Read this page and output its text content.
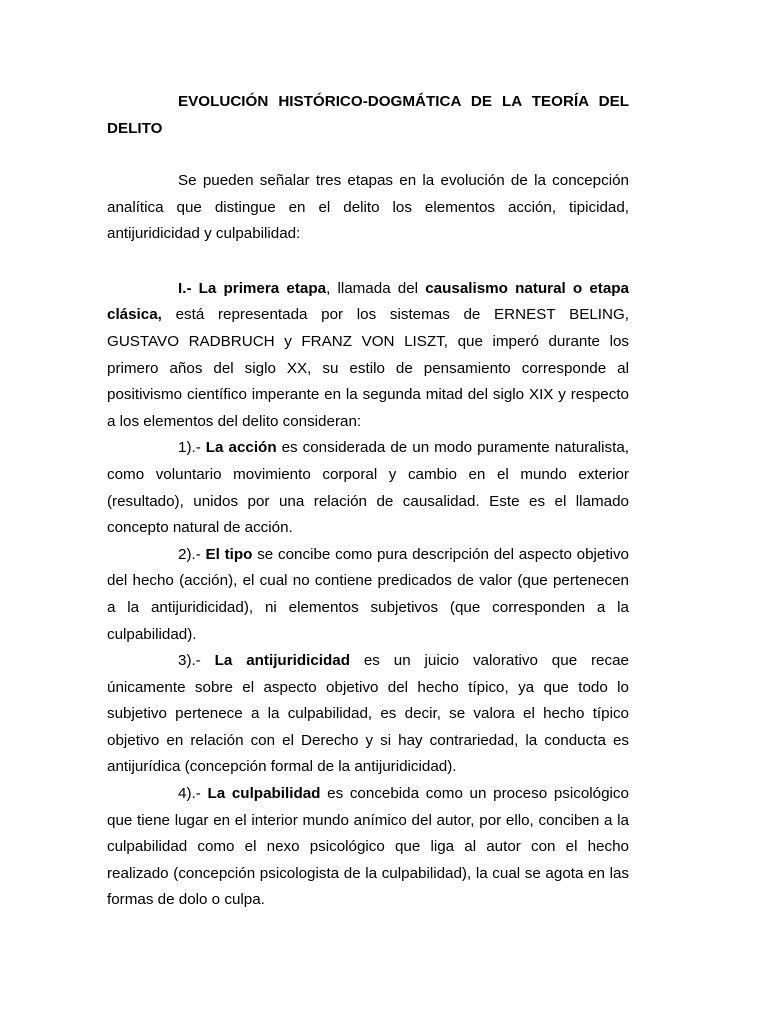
EVOLUCIÓN HISTÓRICO-DOGMÁTICA DE LA TEORÍA DEL DELITO

Se pueden señalar tres etapas en la evolución de la concepción analítica que distingue en el delito los elementos acción, tipicidad, antijuridicidad y culpabilidad:

I.- La primera etapa, llamada del causalismo natural o etapa clásica, está representada por los sistemas de ERNEST BELING, GUSTAVO RADBRUCH y FRANZ VON LISZT, que imperó durante los primero años del siglo XX, su estilo de pensamiento corresponde al positivismo científico imperante en la segunda mitad del siglo XIX y respecto a los elementos del delito consideran:

1).- La acción es considerada de un modo puramente naturalista, como voluntario movimiento corporal y cambio en el mundo exterior (resultado), unidos por una relación de causalidad. Este es el llamado concepto natural de acción.

2).- El tipo se concibe como pura descripción del aspecto objetivo del hecho (acción), el cual no contiene predicados de valor (que pertenecen a la antijuridicidad), ni elementos subjetivos (que corresponden a la culpabilidad).

3).- La antijuridicidad es un juicio valorativo que recae únicamente sobre el aspecto objetivo del hecho típico, ya que todo lo subjetivo pertenece a la culpabilidad, es decir, se valora el hecho típico objetivo en relación con el Derecho y si hay contrariedad, la conducta es antijurídica (concepción formal de la antijuridicidad).

4).- La culpabilidad es concebida como un proceso psicológico que tiene lugar en el interior mundo anímico del autor, por ello, conciben a la culpabilidad como el nexo psicológico que liga al autor con el hecho realizado (concepción psicologista de la culpabilidad), la cual se agota en las formas de dolo o culpa.
